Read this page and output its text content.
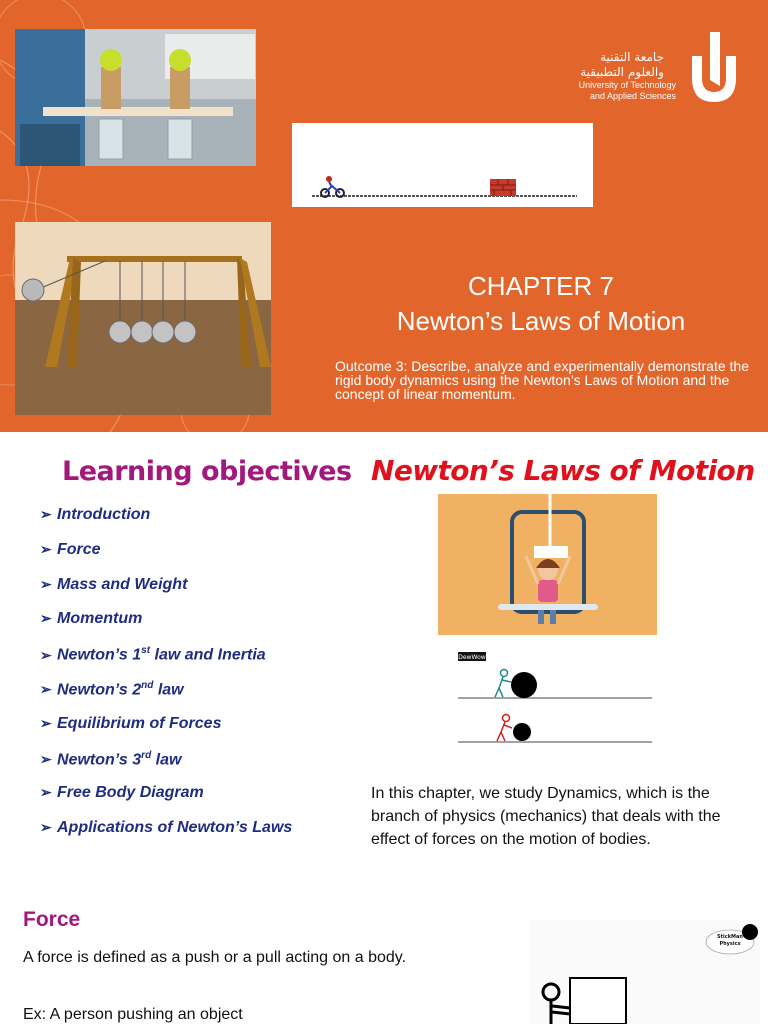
جامعة التقنية
والعلوم التطبيقية
University of Technology
and Applied Sciences
CHAPTER 7
Newton’s Laws of Motion
Outcome 3: Describe, analyze and experimentally demonstrate the rigid body dynamics using the Newton’s Laws of Motion and the concept of linear momentum.
Learning objectives Newton’s Laws of Motion
➢ Introduction
➢ Force
➢ Mass and Weight
➢ Momentum
➢ Newton’s 1st law and Inertia
➢ Newton’s 2nd law
➢ Equilibrium of Forces
➢ Newton’s 3rd law
➢ Free Body Diagram
➢ Applications of Newton’s Laws
DewWow
In this chapter, we study Dynamics, which is the branch of physics (mechanics) that deals with the effect of forces on the motion of bodies.
Force
A force is defined as a push or a pull acting on a body.
Ex: A person pushing an object
StickMan
Physics
